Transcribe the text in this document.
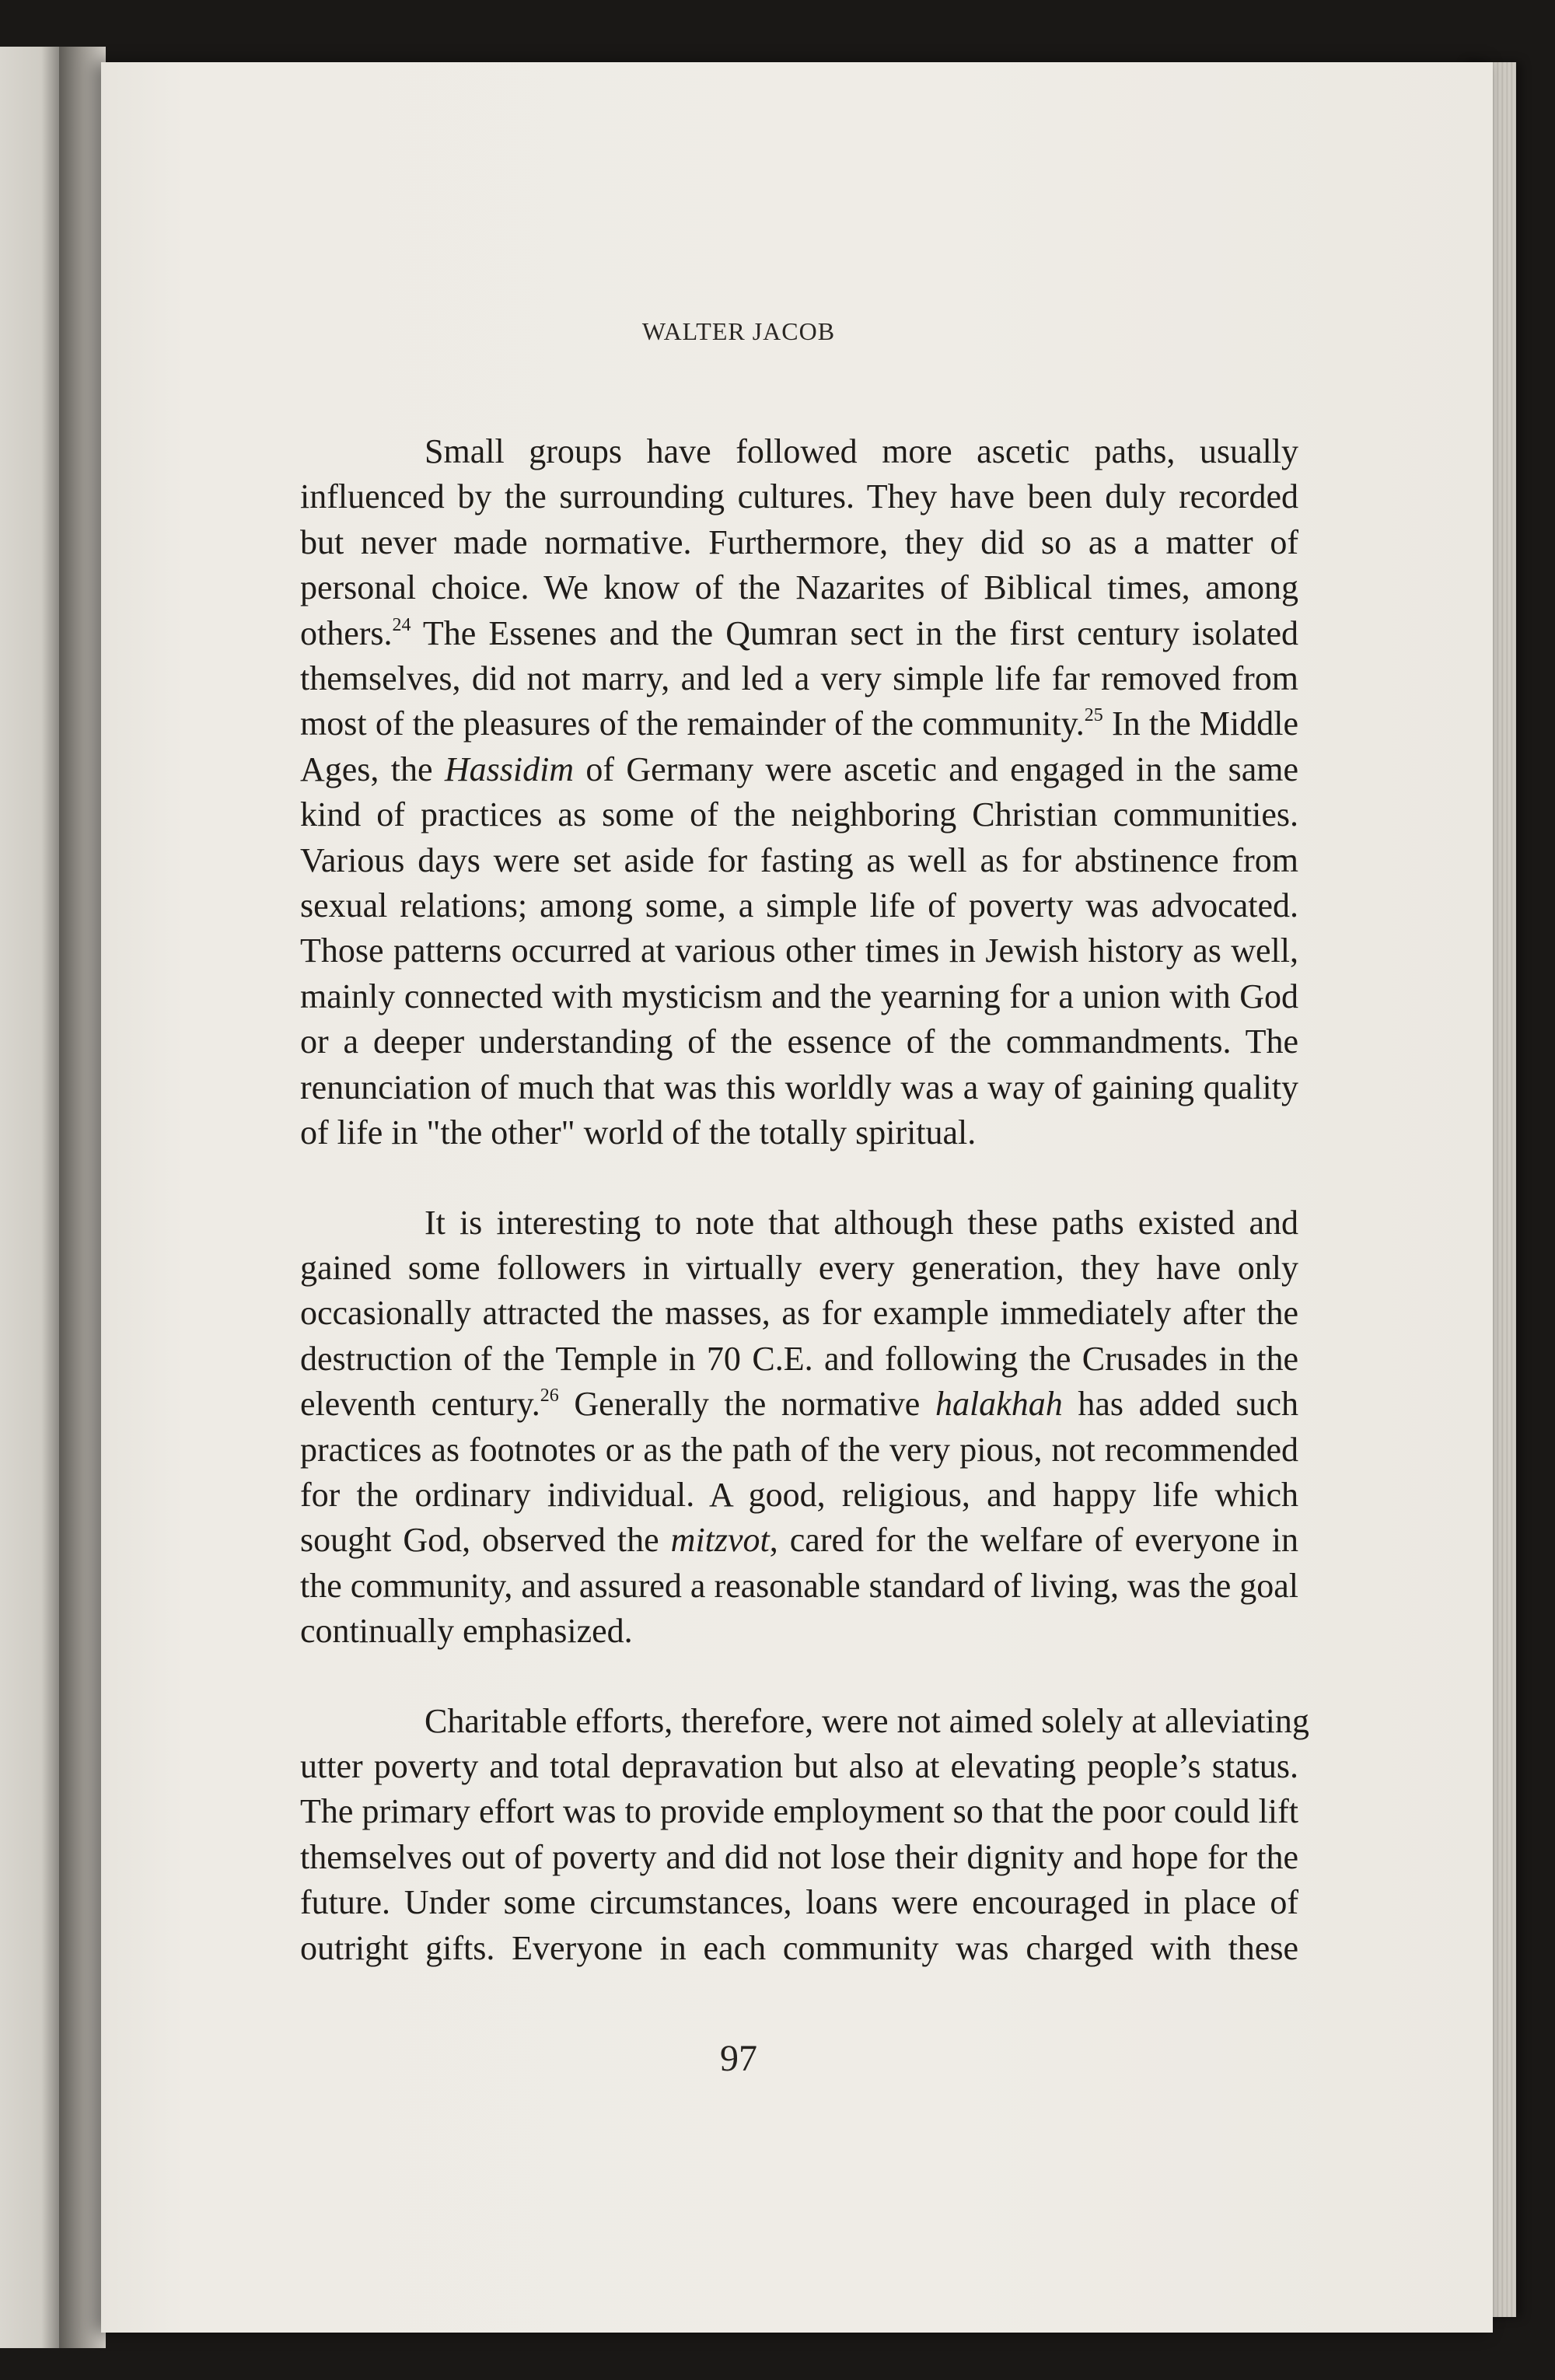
WALTER JACOB

Small groups have followed more ascetic paths, usually
influenced by the surrounding cultures. They have been duly recorded
but never made normative. Furthermore, they did so as a matter of
personal choice. We know of the Nazarites of Biblical times, among
others.$^{24}$ The Essenes and the Qumran sect in the first century isolated
themselves, did not marry, and led a very simple life far removed from
most of the pleasures of the remainder of the community.$^{25}$ In the Middle
Ages, the Hassidim of Germany were ascetic and engaged in the same
kind of practices as some of the neighboring Christian communities.
Various days were set aside for fasting as well as for abstinence from
sexual relations; among some, a simple life of poverty was advocated.
Those patterns occurred at various other times in Jewish history as well,
mainly connected with mysticism and the yearning for a union with God
or a deeper understanding of the essence of the commandments. The
renunciation of much that was this worldly was a way of gaining quality
of life in "the other" world of the totally spiritual.

It is interesting to note that although these paths existed and
gained some followers in virtually every generation, they have only
occasionally attracted the masses, as for example immediately after the
destruction of the Temple in 70 C.E. and following the Crusades in the
eleventh century.$^{26}$ Generally the normative halakhah has added such
practices as footnotes or as the path of the very pious, not recommended
for the ordinary individual. A good, religious, and happy life which
sought God, observed the mitzvot, cared for the welfare of everyone in
the community, and assured a reasonable standard of living, was the goal
continually emphasized.

Charitable efforts, therefore, were not aimed solely at alleviating
utter poverty and total depravation but also at elevating people’s status.
The primary effort was to provide employment so that the poor could lift
themselves out of poverty and did not lose their dignity and hope for the
future. Under some circumstances, loans were encouraged in place of
outright gifts. Everyone in each community was charged with these

97
